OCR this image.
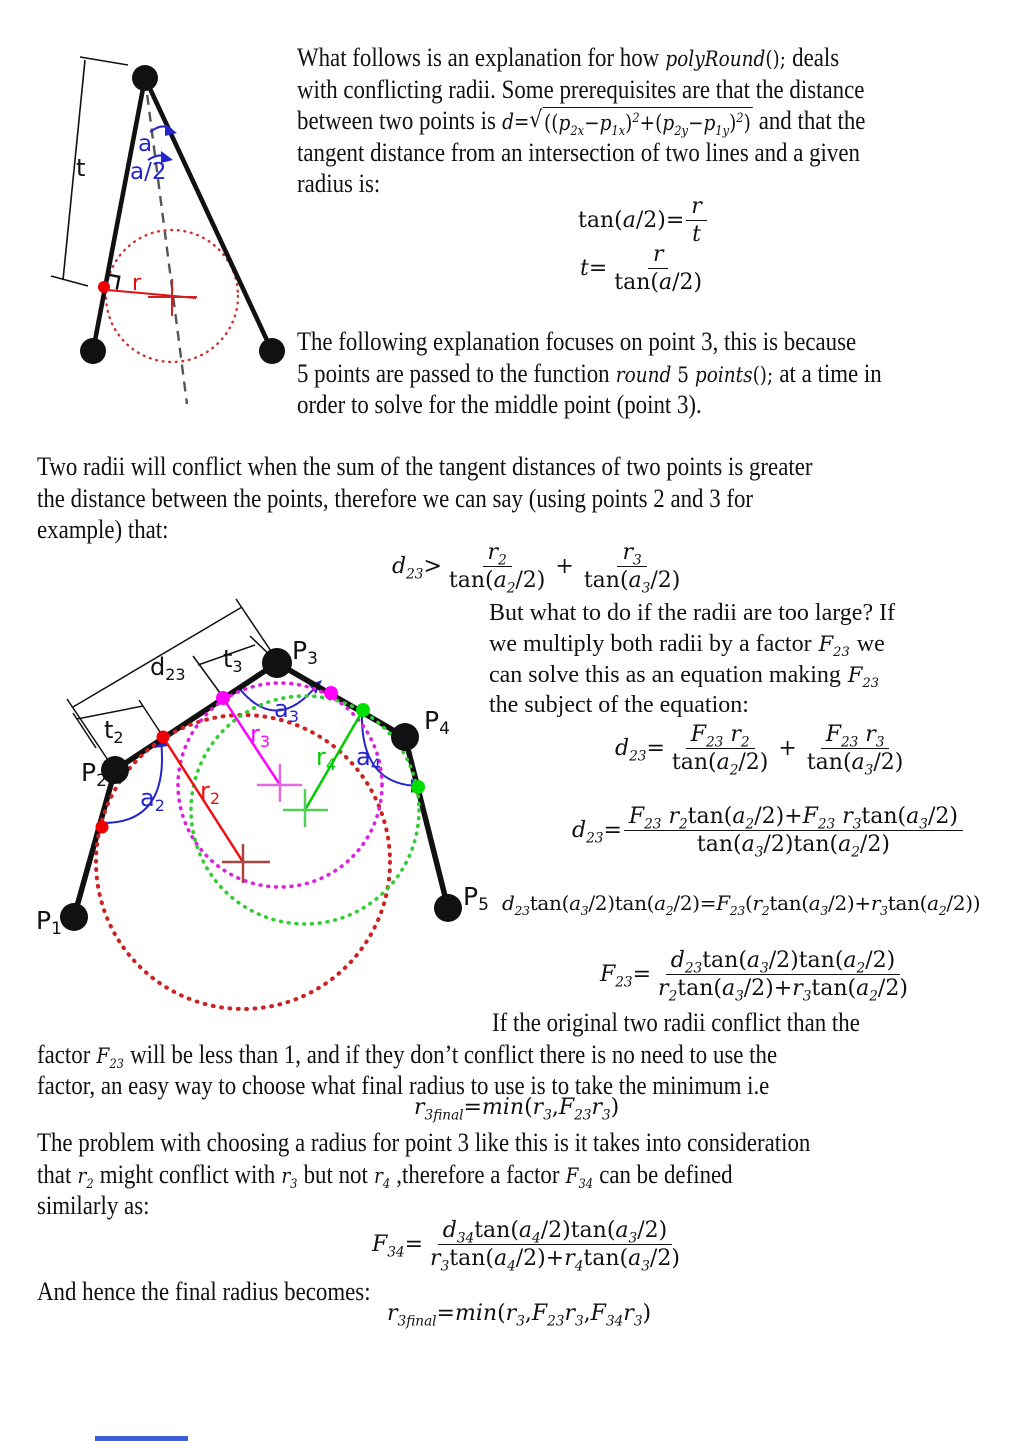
t
a
a/2
r
What follows is an explanation for how polyRound(); deals
with conflicting radii. Some prerequisites are that the distance
between two points is d= √ $((p_{2x}-p_{1x})^2+(p_{2y}-p_{1y})^2)$ and that the
tangent distance from an intersection of two lines and a given
radius is:
$\tan(a/2)= \frac{r}{t}$
$t= \frac{r}{\tan(a/2)}$
The following explanation focuses on point 3, this is because
5 points are passed to the function round 5 points(); at a time in
order to solve for the middle point (point 3).
Two radii will conflict when the sum of the tangent distances of two points is greater
the distance between the points, therefore we can say (using points 2 and 3 for
example) that:
$d_{23}> \frac{r_2}{\tan(a_2/2)} + \frac{r_3}{\tan(a_3/2)}$
$P_1$
$P_2$
$P_3$
$P_4$
$P_5$
$d_{23}$
$t_3$
$t_2$
$a_2$
$a_3$
$a_4$
$r_2$
$r_3$
$r_4$
But what to do if the radii are too large? If
we multiply both radii by a factor $F_{23}$ we
can solve this as an equation making $F_{23}$
the subject of the equation:
$d_{23}= \frac{F_{23} r_2}{\tan(a_2/2)} + \frac{F_{23} r_3}{\tan(a_3/2)}$
$d_{23}= \frac{F_{23} r_2\tan(a_2/2)+F_{23} r_3\tan(a_3/2)}{\tan(a_3/2)\tan(a_2/2)}$
$d_{23}\tan(a_3/2)\tan(a_2/2)=F_{23}(r_2\tan(a_3/2)+r_3\tan(a_2/2))$
$F_{23}= \frac{d_{23}\tan(a_3/2)\tan(a_2/2)}{r_2\tan(a_3/2)+r_3\tan(a_2/2)}$
If the original two radii conflict than the
factor $F_{23}$ will be less than 1, and if they don’t conflict there is no need to use the
factor, an easy way to choose what final radius to use is to take the minimum i.e
$r_{3final}=\min(r_3,F_{23}r_3)$
The problem with choosing a radius for point 3 like this is it takes into consideration
that $r_2$ might conflict with $r_3$ but not $r_4$ ,therefore a factor $F_{34}$ can be defined
similarly as:
$F_{34}= \frac{d_{34}\tan(a_4/2)\tan(a_3/2)}{r_3\tan(a_4/2)+r_4\tan(a_3/2)}$
And hence the final radius becomes:
$r_{3final}=\min(r_3,F_{23}r_3,F_{34}r_3)$
